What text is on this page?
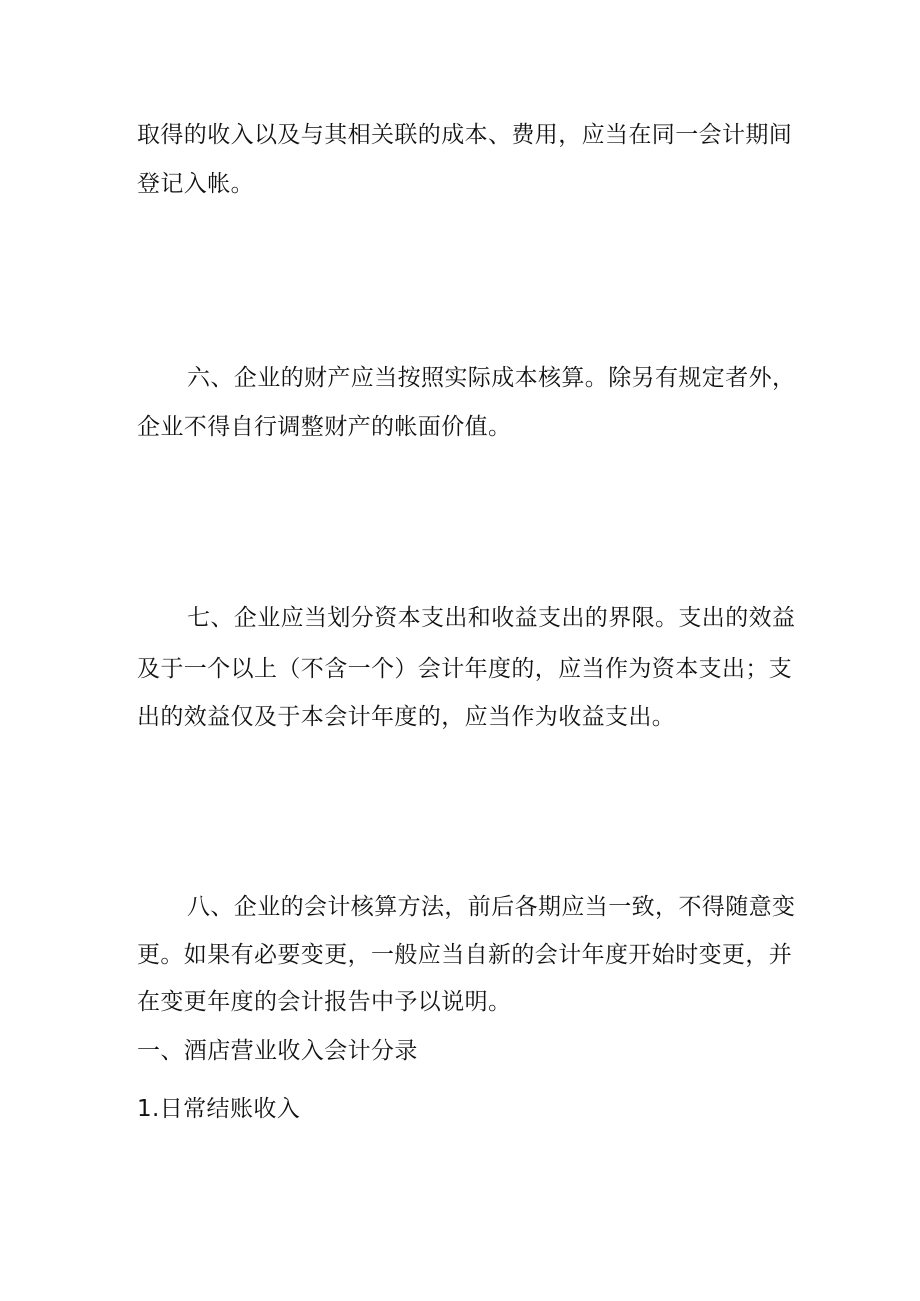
取得的收入以及与其相关联的成本、费用，应当在同一会计期间
登记入帐。
六、企业的财产应当按照实际成本核算。除另有规定者外，
企业不得自行调整财产的帐面价值。
七、企业应当划分资本支出和收益支出的界限。支出的效益
及于一个以上（不含一个）会计年度的，应当作为资本支出；支
出的效益仅及于本会计年度的，应当作为收益支出。
八、企业的会计核算方法，前后各期应当一致，不得随意变
更。如果有必要变更，一般应当自新的会计年度开始时变更，并
在变更年度的会计报告中予以说明。
一、酒店营业收入会计分录
1.日常结账收入
